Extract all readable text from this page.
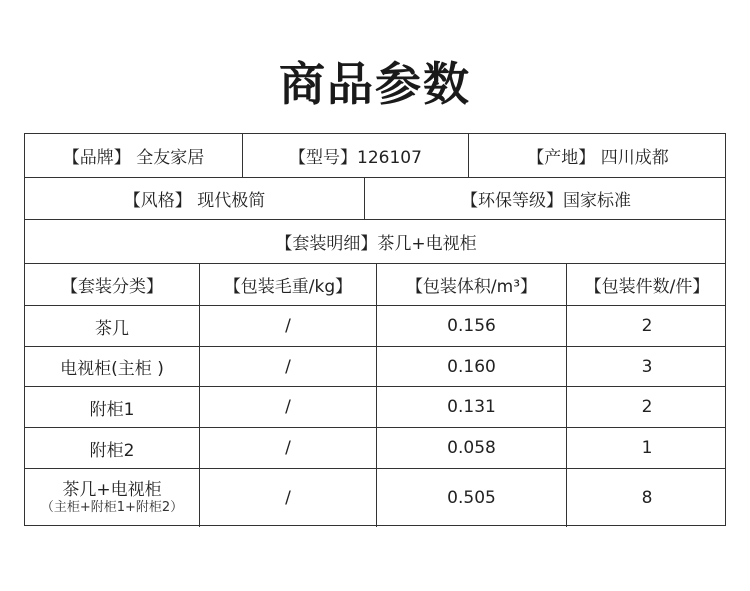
商品参数
【品牌】 全友家居	【型号】126107	【产地】 四川成都
【风格】 现代极简	【环保等级】国家标准
【套装明细】茶几+电视柜
【套装分类】	【包装毛重/kg】	【包装体积/m ³】	【包装件数/件】
茶几	/	0.156	2
电视柜(主柜 )	/	0.160	3
附柜1	/	0.131	2
附柜2	/	0.058	1
茶几+电视柜
（主柜+附柜1+附柜2）	/	0.505	8
